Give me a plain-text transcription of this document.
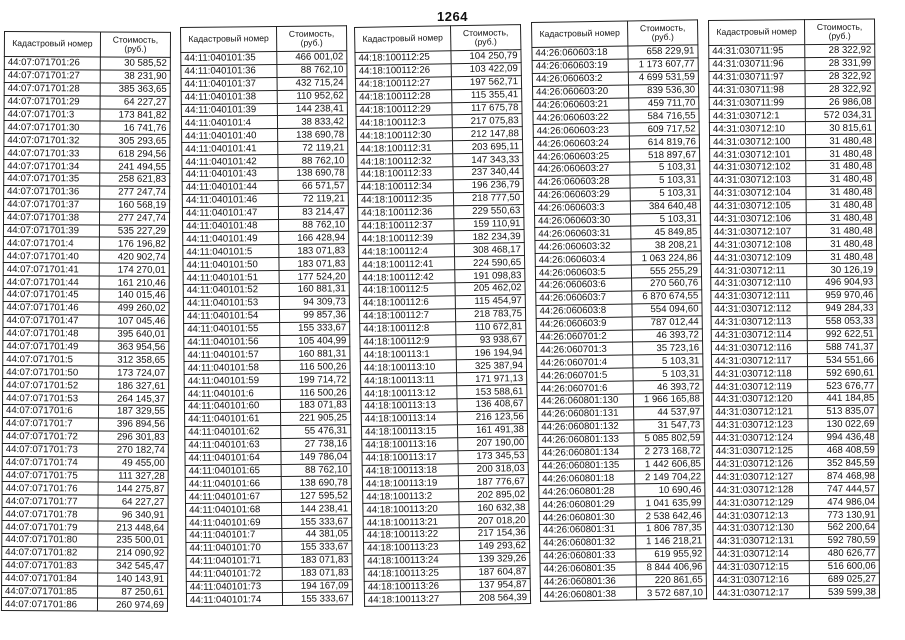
1264
Кадастровый номер	Стоимость, (руб.)
44:07:071701:26	30 585,52
44:07:071701:27	38 231,90
44:07:071701:28	385 363,65
44:07:071701:29	64 227,27
44:07:071701:3	173 841,82
44:07:071701:30	16 741,76
44:07:071701:32	305 293,65
44:07:071701:33	618 294,56
44:07:071701:34	241 494,55
44:07:071701:35	258 621,83
44:07:071701:36	277 247,74
44:07:071701:37	160 568,19
44:07:071701:38	277 247,74
44:07:071701:39	535 227,29
44:07:071701:4	176 196,82
44:07:071701:40	420 902,74
44:07:071701:41	174 270,01
44:07:071701:44	161 210,46
44:07:071701:45	140 015,46
44:07:071701:46	499 260,02
44:07:071701:47	107 045,46
44:07:071701:48	395 640,01
44:07:071701:49	363 954,56
44:07:071701:5	312 358,65
44:07:071701:50	173 724,07
44:07:071701:52	186 327,61
44:07:071701:53	264 145,37
44:07:071701:6	187 329,55
44:07:071701:7	396 894,56
44:07:071701:72	296 301,83
44:07:071701:73	270 182,74
44:07:071701:74	49 455,00
44:07:071701:75	111 327,28
44:07:071701:76	144 275,87
44:07:071701:77	64 227,27
44:07:071701:78	96 340,91
44:07:071701:79	213 448,64
44:07:071701:80	235 500,01
44:07:071701:82	214 090,92
44:07:071701:83	342 545,47
44:07:071701:84	140 143,91
44:07:071701:85	87 250,61
44:07:071701:86	260 974,69
Кадастровый номер	Стоимость, (руб.)
44:11:040101:35	466 001,02
44:11:040101:36	88 762,10
44:11:040101:37	432 715,24
44:11:040101:38	110 952,62
44:11:040101:39	144 238,41
44:11:040101:4	38 833,42
44:11:040101:40	138 690,78
44:11:040101:41	72 119,21
44:11:040101:42	88 762,10
44:11:040101:43	138 690,78
44:11:040101:44	66 571,57
44:11:040101:46	72 119,21
44:11:040101:47	83 214,47
44:11:040101:48	88 762,10
44:11:040101:49	166 428,94
44:11:040101:5	183 071,83
44:11:040101:50	183 071,83
44:11:040101:51	177 524,20
44:11:040101:52	160 881,31
44:11:040101:53	94 309,73
44:11:040101:54	99 857,36
44:11:040101:55	155 333,67
44:11:040101:56	105 404,99
44:11:040101:57	160 881,31
44:11:040101:58	116 500,26
44:11:040101:59	199 714,72
44:11:040101:6	116 500,26
44:11:040101:60	183 071,83
44:11:040101:61	221 905,25
44:11:040101:62	55 476,31
44:11:040101:63	27 738,16
44:11:040101:64	149 786,04
44:11:040101:65	88 762,10
44:11:040101:66	138 690,78
44:11:040101:67	127 595,52
44:11:040101:68	144 238,41
44:11:040101:69	155 333,67
44:11:040101:7	44 381,05
44:11:040101:70	155 333,67
44:11:040101:71	183 071,83
44:11:040101:72	183 071,83
44:11:040101:73	194 167,09
44:11:040101:74	155 333,67
Кадастровый номер	Стоимость, (руб.)
44:18:100112:25	104 250,79
44:18:100112:26	103 422,09
44:18:100112:27	197 562,71
44:18:100112:28	115 355,41
44:18:100112:29	117 675,78
44:18:100112:3	217 075,83
44:18:100112:30	212 147,88
44:18:100112:31	203 695,11
44:18:100112:32	147 343,33
44:18:100112:33	237 340,44
44:18:100112:34	196 236,79
44:18:100112:35	218 777,50
44:18:100112:36	229 550,63
44:18:100112:37	159 110,91
44:18:100112:39	182 234,39
44:18:100112:4	308 468,17
44:18:100112:41	224 590,65
44:18:100112:42	191 098,83
44:18:100112:5	205 462,02
44:18:100112:6	115 454,97
44:18:100112:7	218 783,75
44:18:100112:8	110 672,81
44:18:100112:9	93 938,67
44:18:100113:1	196 194,94
44:18:100113:10	325 387,94
44:18:100113:11	171 971,13
44:18:100113:12	153 588,61
44:18:100113:13	136 408,67
44:18:100113:14	216 123,56
44:18:100113:15	161 491,38
44:18:100113:16	207 190,00
44:18:100113:17	173 345,53
44:18:100113:18	200 318,03
44:18:100113:19	187 776,67
44:18:100113:2	202 895,02
44:18:100113:20	160 632,38
44:18:100113:21	207 018,20
44:18:100113:22	217 154,36
44:18:100113:23	149 293,62
44:18:100113:24	139 329,26
44:18:100113:25	187 604,87
44:18:100113:26	137 954,87
44:18:100113:27	208 564,39
Кадастровый номер	Стоимость, (руб.)
44:26:060603:18	658 229,91
44:26:060603:19	1 173 607,77
44:26:060603:2	4 699 531,59
44:26:060603:20	839 536,30
44:26:060603:21	459 711,70
44:26:060603:22	584 716,55
44:26:060603:23	609 717,52
44:26:060603:24	614 819,76
44:26:060603:25	518 897,67
44:26:060603:27	5 103,31
44:26:060603:28	5 103,31
44:26:060603:29	5 103,31
44:26:060603:3	384 640,48
44:26:060603:30	5 103,31
44:26:060603:31	45 849,85
44:26:060603:32	38 208,21
44:26:060603:4	1 063 224,86
44:26:060603:5	555 255,29
44:26:060603:6	270 560,76
44:26:060603:7	6 870 674,55
44:26:060603:8	554 094,60
44:26:060603:9	787 012,44
44:26:060701:2	46 393,72
44:26:060701:3	35 723,16
44:26:060701:4	5 103,31
44:26:060701:5	5 103,31
44:26:060701:6	46 393,72
44:26:060801:130	1 966 165,88
44:26:060801:131	44 537,97
44:26:060801:132	31 547,73
44:26:060801:133	5 085 802,59
44:26:060801:134	2 273 168,72
44:26:060801:135	1 442 606,85
44:26:060801:18	2 149 704,22
44:26:060801:28	10 690,46
44:26:060801:29	1 041 635,99
44:26:060801:30	2 538 642,46
44:26:060801:31	1 806 787,35
44:26:060801:32	1 146 218,21
44:26:060801:33	619 955,92
44:26:060801:35	8 844 406,96
44:26:060801:36	220 861,65
44:26:060801:38	3 572 687,10
Кадастровый номер	Стоимость, (руб.)
44:31:030711:95	28 322,92
44:31:030711:96	28 331,99
44:31:030711:97	28 322,92
44:31:030711:98	28 322,92
44:31:030711:99	26 986,08
44:31:030712:1	572 034,31
44:31:030712:10	30 815,61
44:31:030712:100	31 480,48
44:31:030712:101	31 480,48
44:31:030712:102	31 480,48
44:31:030712:103	31 480,48
44:31:030712:104	31 480,48
44:31:030712:105	31 480,48
44:31:030712:106	31 480,48
44:31:030712:107	31 480,48
44:31:030712:108	31 480,48
44:31:030712:109	31 480,48
44:31:030712:11	30 126,19
44:31:030712:110	496 904,93
44:31:030712:111	959 970,46
44:31:030712:112	949 284,33
44:31:030712:113	558 053,33
44:31:030712:114	992 622,51
44:31:030712:116	588 741,37
44:31:030712:117	534 551,66
44:31:030712:118	592 690,61
44:31:030712:119	523 676,77
44:31:030712:120	441 184,85
44:31:030712:121	513 835,07
44:31:030712:123	130 022,69
44:31:030712:124	994 436,48
44:31:030712:125	468 408,59
44:31:030712:126	352 845,59
44:31:030712:127	874 468,98
44:31:030712:128	747 444,57
44:31:030712:129	474 986,04
44:31:030712:13	773 130,91
44:31:030712:130	562 200,64
44:31:030712:131	592 780,59
44:31:030712:14	480 626,77
44:31:030712:15	516 600,06
44:31:030712:16	689 025,27
44:31:030712:17	539 599,38
